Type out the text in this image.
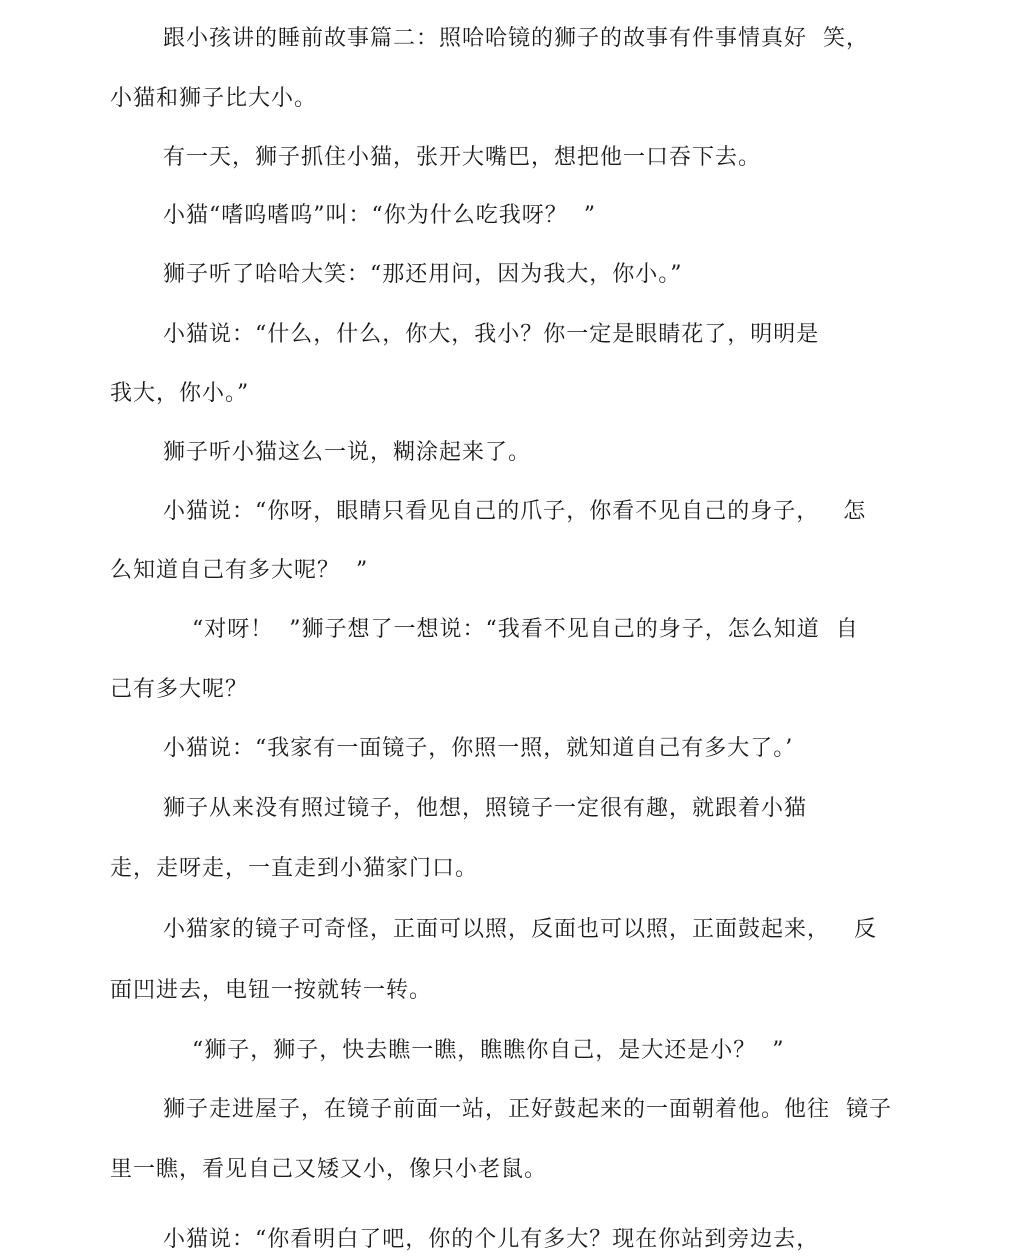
跟小孩讲的睡前故事篇二：照哈哈镜的狮子的故事有件事情真好  笑，
小猫和狮子比大小。
有一天，狮子抓住小猫，张开大嘴巴，想把他一口吞下去。
小猫“嗜呜嗜呜”叫：“你为什么吃我呀？  ”
狮子听了哈哈大笑：“那还用问，因为我大，你小。”
小猫说：“什么，什么，你大，我小？你一定是眼睛花了，明明是
我大，你小。”
狮子听小猫这么一说，糊涂起来了。
小猫说：“你呀，眼睛只看见自己的爪子，你看不见自己的身子，   怎
么知道自己有多大呢？  ”
“对呀！  ”狮子想了一想说：“我看不见自己的身子，怎么知道  自
己有多大呢？
小猫说：“我家有一面镜子，你照一照，就知道自己有多大了。’
狮子从来没有照过镜子，他想，照镜子一定很有趣，就跟着小猫
走，走呀走，一直走到小猫家门口。
小猫家的镜子可奇怪，正面可以照，反面也可以照，正面鼓起来，   反
面凹进去，电钮一按就转一转。
“狮子，狮子，快去瞧一瞧，瞧瞧你自己，是大还是小？  ”
狮子走进屋子，在镜子前面一站，正好鼓起来的一面朝着他。他往  镜子
里一瞧，看见自己又矮又小，像只小老鼠。
小猫说：“你看明白了吧，你的个儿有多大？现在你站到旁边去，
